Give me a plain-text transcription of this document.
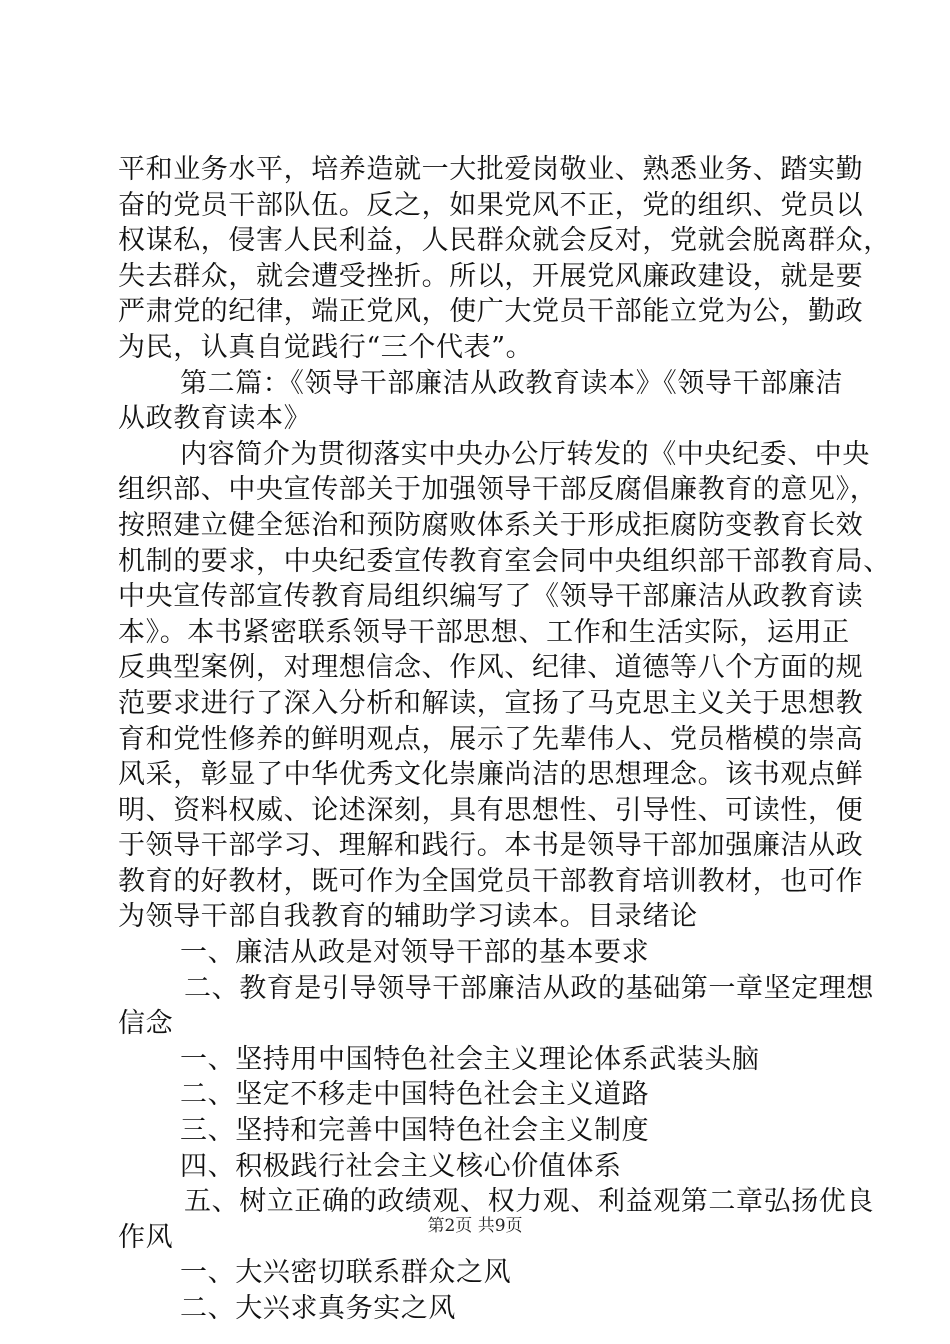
平和业务水平，培养造就一大批爱岗敬业、熟悉业务、踏实勤
奋的党员干部队伍。反之，如果党风不正，党的组织、党员以
权谋私，侵害人民利益，人民群众就会反对，党就会脱离群众，
失去群众，就会遭受挫折。所以，开展党风廉政建设，就是要
严肃党的纪律，端正党风，使广大党员干部能立党为公，勤政
为民，认真自觉践行“三个代表”。
第二篇：《领导干部廉洁从政教育读本》《领导干部廉洁
从政教育读本》
内容简介为贯彻落实中央办公厅转发的《中央纪委、中央
组织部、中央宣传部关于加强领导干部反腐倡廉教育的意见》，
按照建立健全惩治和预防腐败体系关于形成拒腐防变教育长效
机制的要求，中央纪委宣传教育室会同中央组织部干部教育局、
中央宣传部宣传教育局组织编写了《领导干部廉洁从政教育读
本》。本书紧密联系领导干部思想、工作和生活实际，运用正
反典型案例，对理想信念、作风、纪律、道德等八个方面的规
范要求进行了深入分析和解读，宣扬了马克思主义关于思想教
育和党性修养的鲜明观点，展示了先辈伟人、党员楷模的崇高
风采，彰显了中华优秀文化崇廉尚洁的思想理念。该书观点鲜
明、资料权威、论述深刻，具有思想性、引导性、可读性，便
于领导干部学习、理解和践行。本书是领导干部加强廉洁从政
教育的好教材，既可作为全国党员干部教育培训教材，也可作
为领导干部自我教育的辅助学习读本。目录绪论
一、廉洁从政是对领导干部的基本要求
二、教育是引导领导干部廉洁从政的基础第一章坚定理想
信念
一、坚持用中国特色社会主义理论体系武装头脑
二、坚定不移走中国特色社会主义道路
三、坚持和完善中国特色社会主义制度
四、积极践行社会主义核心价值体系
五、树立正确的政绩观、权力观、利益观第二章弘扬优良
作风
一、大兴密切联系群众之风
二、大兴求真务实之风
第2页 共9页
